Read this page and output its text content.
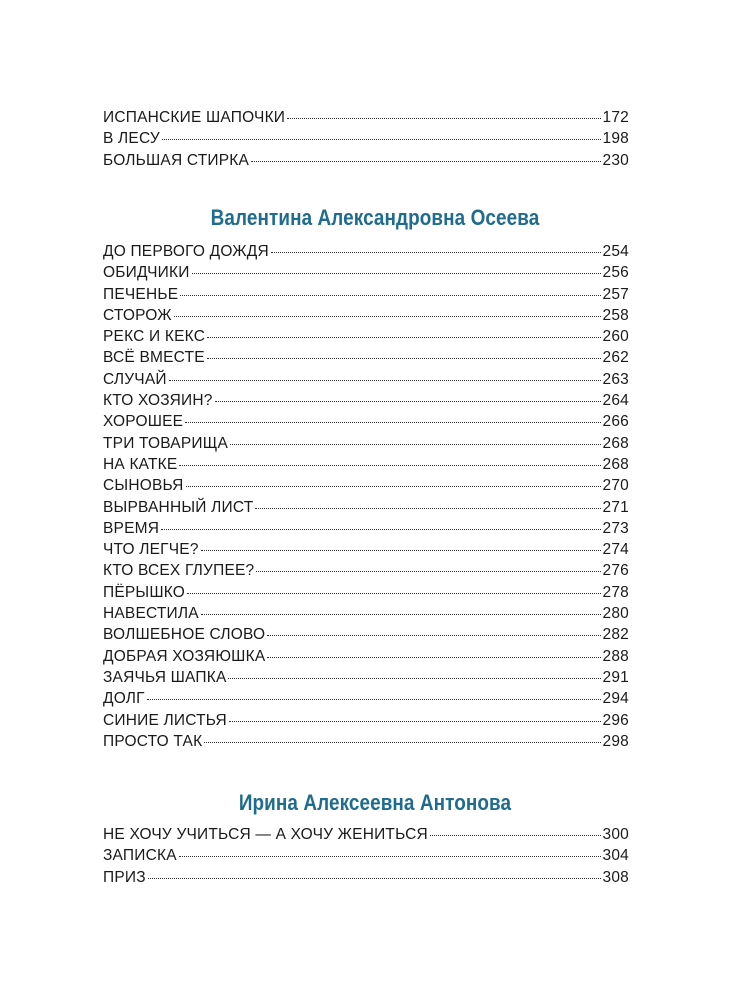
ИСПАНСКИЕ ШАПОЧКИ	172
В ЛЕСУ	198
БОЛЬШАЯ СТИРКА	230
Валентина Александровна Осеева
ДО ПЕРВОГО ДОЖДЯ	254
ОБИДЧИКИ	256
ПЕЧЕНЬЕ	257
СТОРОЖ	258
РЕКС И КЕКС	260
ВСЁ ВМЕСТЕ	262
СЛУЧАЙ	263
КТО ХОЗЯИН?	264
ХОРОШЕЕ	266
ТРИ ТОВАРИЩА	268
НА КАТКЕ	268
СЫНОВЬЯ	270
ВЫРВАННЫЙ ЛИСТ	271
ВРЕМЯ	273
ЧТО ЛЕГЧЕ?	274
КТО ВСЕХ ГЛУПЕЕ?	276
ПЁРЫШКО	278
НАВЕСТИЛА	280
ВОЛШЕБНОЕ СЛОВО	282
ДОБРАЯ ХОЗЯЮШКА	288
ЗАЯЧЬЯ ШАПКА	291
ДОЛГ	294
СИНИЕ ЛИСТЬЯ	296
ПРОСТО ТАК	298
Ирина Алексеевна Антонова
НЕ ХОЧУ УЧИТЬСЯ — А ХОЧУ ЖЕНИТЬСЯ	300
ЗАПИСКА	304
ПРИЗ	308
